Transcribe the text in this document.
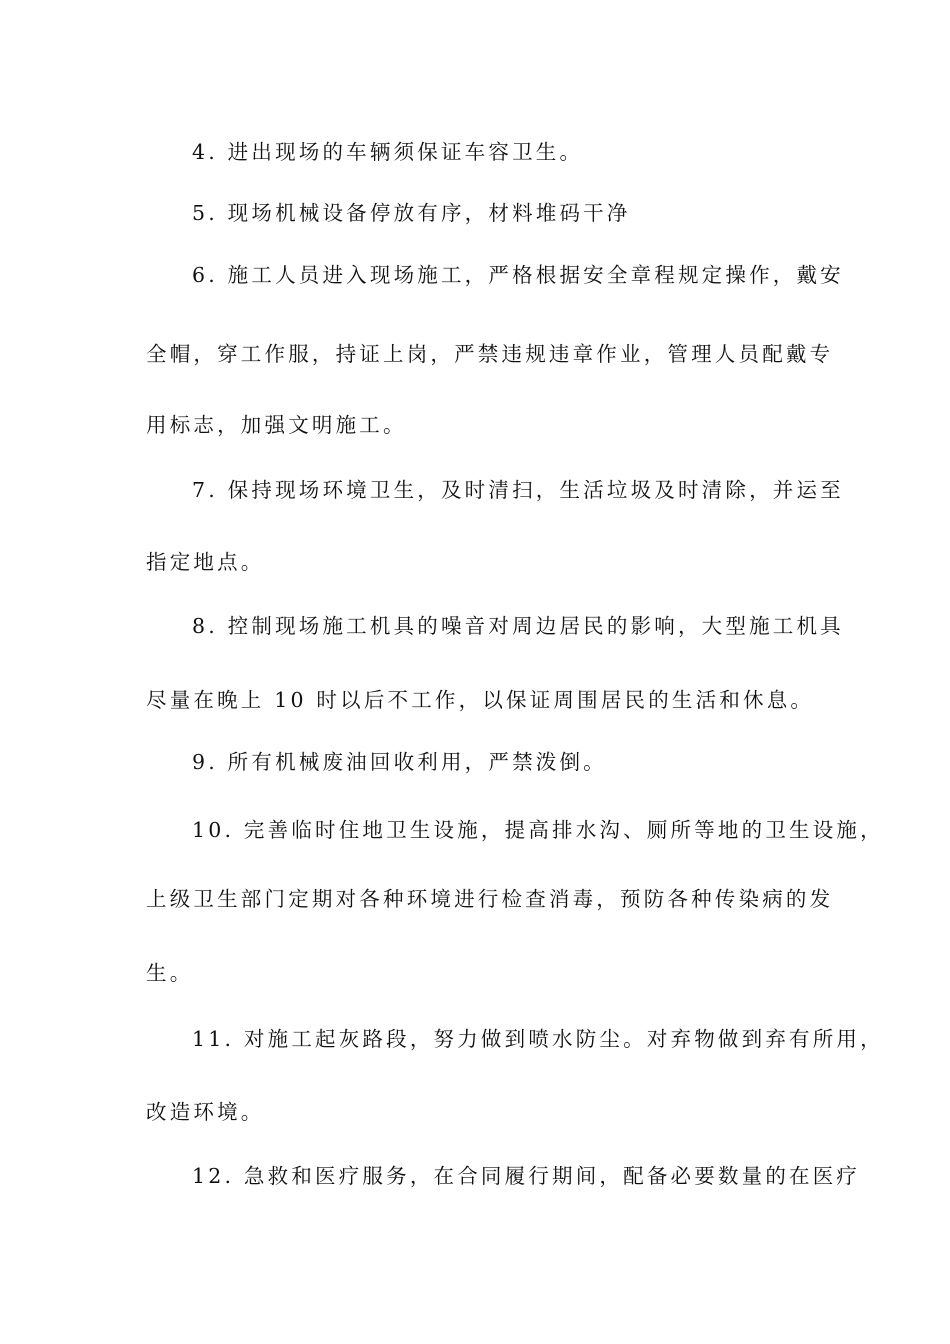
4. 进出现场的车辆须保证车容卫生。
5. 现场机械设备停放有序，材料堆码干净
6. 施工人员进入现场施工，严格根据安全章程规定操作，戴安
全帽，穿工作服，持证上岗，严禁违规违章作业，管理人员配戴专
用标志，加强文明施工。
7. 保持现场环境卫生，及时清扫，生活垃圾及时清除，并运至
指定地点。
8. 控制现场施工机具的噪音对周边居民的影响，大型施工机具
尽量在晚上 10 时以后不工作，以保证周围居民的生活和休息。
9. 所有机械废油回收利用，严禁泼倒。
10. 完善临时住地卫生设施，提高排水沟、厕所等地的卫生设施，
上级卫生部门定期对各种环境进行检查消毒，预防各种传染病的发
生。
11. 对施工起灰路段，努力做到喷水防尘。对弃物做到弃有所用，
改造环境。
12. 急救和医疗服务，在合同履行期间，配备必要数量的在医疗
